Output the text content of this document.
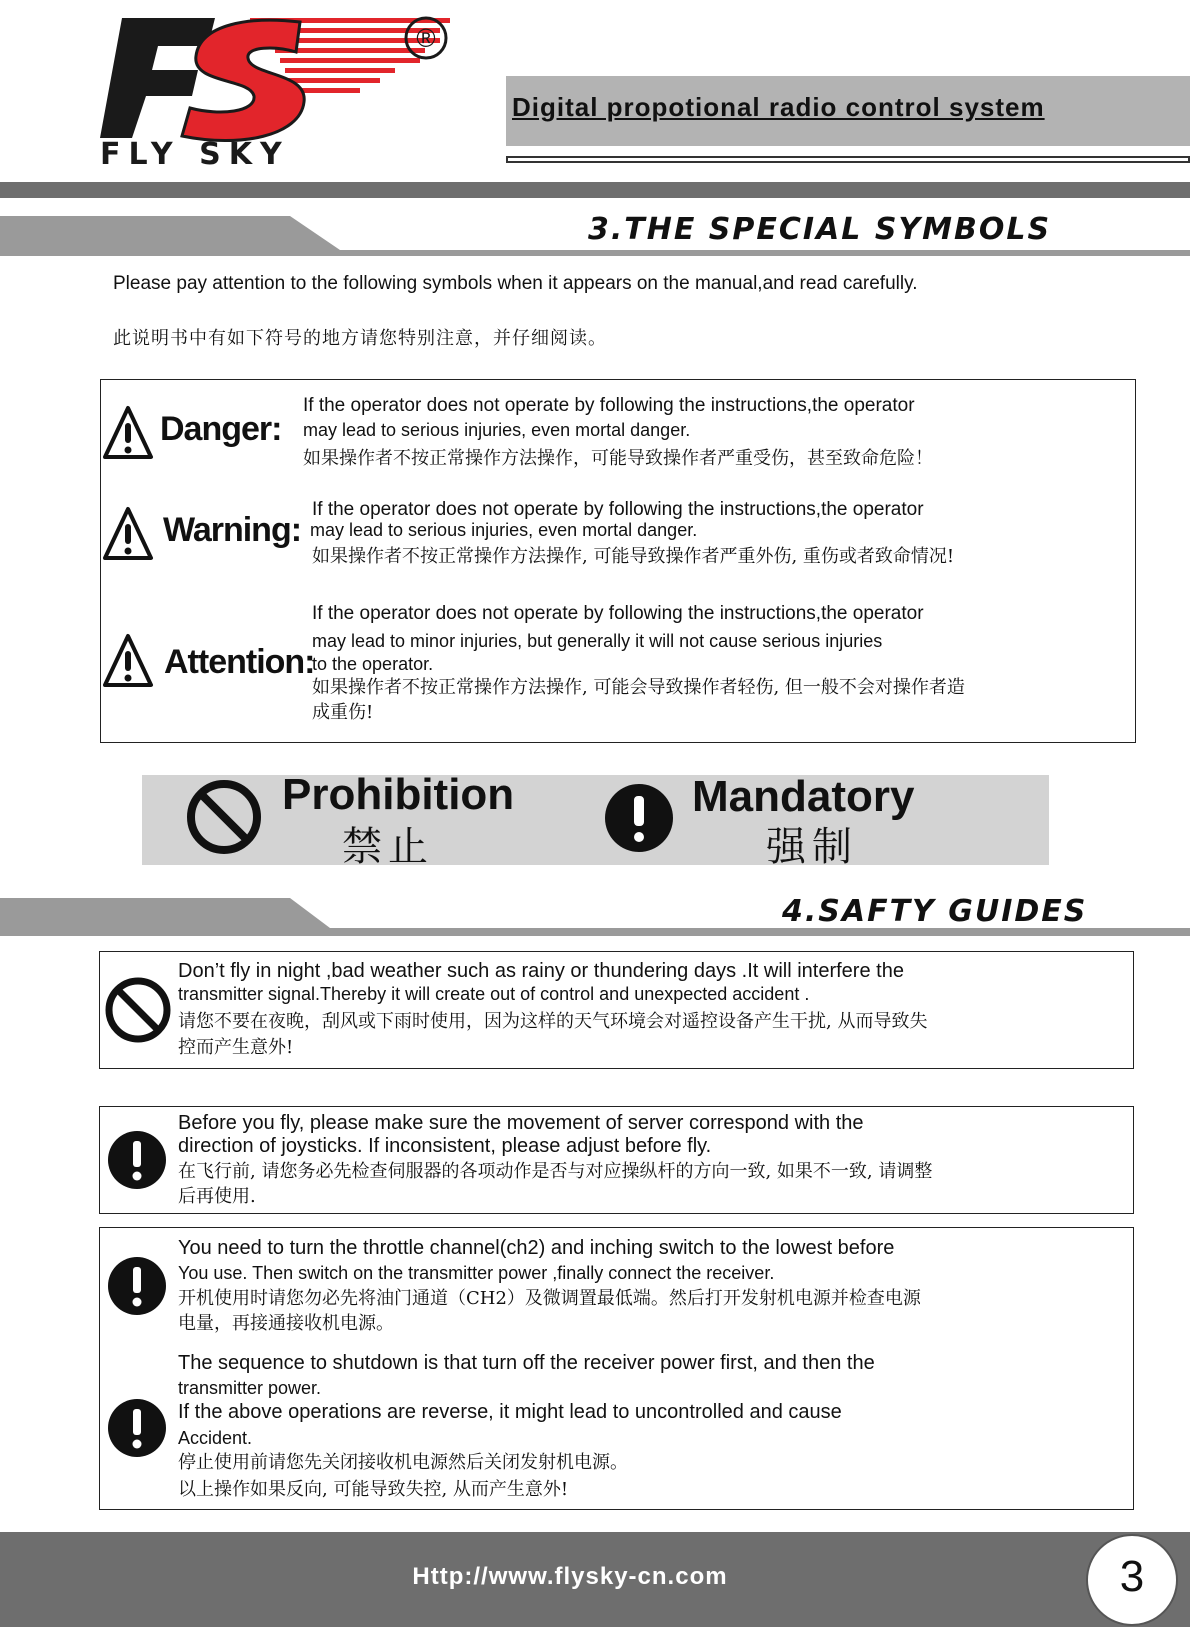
FS
®
FLY SKY
Digital propotional radio control system
3.THE SPECIAL SYMBOLS
Please pay attention to the following symbols when it appears on the manual,and read carefully.
此说明书中有如下符号的地方请您特别注意，并仔细阅读。
Danger:
If the operator does not operate by following the instructions,the operator
may lead to serious injuries, even mortal danger.
如果操作者不按正常操作方法操作，可能导致操作者严重受伤，甚至致命危险！
Warning:
If the operator does not operate by following the instructions,the operator
may lead to serious injuries, even mortal danger.
如果操作者不按正常操作方法操作, 可能导致操作者严重外伤, 重伤或者致命情况!
Attention:
If the operator does not operate by following the instructions,the operator
may lead to minor injuries, but generally it will not cause serious injuries
to the operator.
如果操作者不按正常操作方法操作, 可能会导致操作者轻伤, 但一般不会对操作者造
成重伤!
Prohibition
禁止
Mandatory
强制
4.SAFTY GUIDES
Don’t fly in night ,bad weather such as rainy or thundering days .It will interfere the
transmitter signal.Thereby it will create out of control and unexpected accident .
请您不要在夜晚，刮风或下雨时使用，因为这样的天气环境会对遥控设备产生干扰, 从而导致失
控而产生意外!
Before you fly, please make sure the movement of server correspond with the
direction of joysticks. If inconsistent, please adjust before fly.
在飞行前, 请您务必先检查伺服器的各项动作是否与对应操纵杆的方向一致, 如果不一致, 请调整
后再使用.
You need to turn the throttle channel(ch2) and inching switch to the lowest before
You use. Then switch on the transmitter power ,finally connect the receiver.
开机使用时请您勿必先将油门通道（CH2）及微调置最低端。然后打开发射机电源并检查电源
电量，再接通接收机电源。
The sequence to shutdown is that turn off the receiver power first, and then the
transmitter power.
If the above operations are reverse, it might lead to uncontrolled and cause
Accident.
停止使用前请您先关闭接收机电源然后关闭发射机电源。
以上操作如果反向, 可能导致失控, 从而产生意外!
Http://www.flysky-cn.com	3
